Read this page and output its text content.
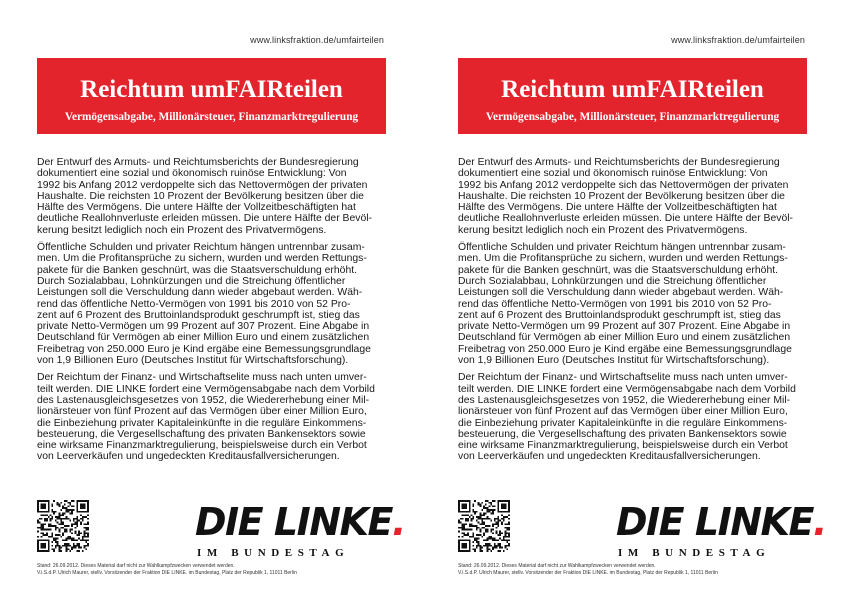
www.linksfraktion.de/umfairteilen
Reichtum umFAIRteilen
Vermögensabgabe, Millionärsteuer, Finanzmarktregulierung

Der Entwurf des Armuts- und Reichtumsberichts der Bundesregierung
dokumentiert eine sozial und ökonomisch ruinöse Entwicklung: Von
1992 bis Anfang 2012 verdoppelte sich das Nettovermögen der privaten
Haushalte. Die reichsten 10 Prozent der Bevölkerung besitzen über die
Hälfte des Vermögens. Die untere Hälfte der Vollzeitbeschäftigten hat
deutliche Reallohnverluste erleiden müssen. Die untere Hälfte der Bevöl-
kerung besitzt lediglich noch ein Prozent des Privatvermögens.

Öffentliche Schulden und privater Reichtum hängen untrennbar zusam-
men. Um die Profitansprüche zu sichern, wurden und werden Rettungs-
pakete für die Banken geschnürt, was die Staatsverschuldung erhöht.
Durch Sozialabbau, Lohnkürzungen und die Streichung öffentlicher
Leistungen soll die Verschuldung dann wieder abgebaut werden. Wäh-
rend das öffentliche Netto-Vermögen von 1991 bis 2010 von 52 Pro-
zent auf 6 Prozent des Bruttoinlandsprodukt geschrumpft ist, stieg das
private Netto-Vermögen um 99 Prozent auf 307 Prozent. Eine Abgabe in
Deutschland für Vermögen ab einer Million Euro und einem zusätzlichen
Freibetrag von 250.000 Euro je Kind ergäbe eine Bemessungsgrundlage
von 1,9 Billionen Euro (Deutsches Institut für Wirtschaftsforschung).

Der Reichtum der Finanz- und Wirtschaftselite muss nach unten umver-
teilt werden. DIE LINKE fordert eine Vermögensabgabe nach dem Vorbild
des Lastenausgleichsgesetzes von 1952, die Wiedererhebung einer Mil-
lionärsteuer von fünf Prozent auf das Vermögen über einer Million Euro,
die Einbeziehung privater Kapitaleinkünfte in die reguläre Einkommens-
besteuerung, die Vergesellschaftung des privaten Bankensektors sowie
eine wirksame Finanzmarktregulierung, beispielsweise durch ein Verbot
von Leerverkäufen und ungedeckten Kreditausfallversicherungen.

DIE LINKE.
IM BUNDESTAG
Stand: 26.09.2012. Dieses Material darf nicht zur Wahlkampfzwecken verwendet werden.
V.i.S.d.P. Ulrich Maurer, stellv. Vorsitzender der Fraktion DIE LINKE. im Bundestag, Platz der Republik 1, 11011 Berlin
www.linksfraktion.de/umfairteilen
Reichtum umFAIRteilen
Vermögensabgabe, Millionärsteuer, Finanzmarktregulierung

Der Entwurf des Armuts- und Reichtumsberichts der Bundesregierung
dokumentiert eine sozial und ökonomisch ruinöse Entwicklung: Von
1992 bis Anfang 2012 verdoppelte sich das Nettovermögen der privaten
Haushalte. Die reichsten 10 Prozent der Bevölkerung besitzen über die
Hälfte des Vermögens. Die untere Hälfte der Vollzeitbeschäftigten hat
deutliche Reallohnverluste erleiden müssen. Die untere Hälfte der Bevöl-
kerung besitzt lediglich noch ein Prozent des Privatvermögens.

Öffentliche Schulden und privater Reichtum hängen untrennbar zusam-
men. Um die Profitansprüche zu sichern, wurden und werden Rettungs-
pakete für die Banken geschnürt, was die Staatsverschuldung erhöht.
Durch Sozialabbau, Lohnkürzungen und die Streichung öffentlicher
Leistungen soll die Verschuldung dann wieder abgebaut werden. Wäh-
rend das öffentliche Netto-Vermögen von 1991 bis 2010 von 52 Pro-
zent auf 6 Prozent des Bruttoinlandsprodukt geschrumpft ist, stieg das
private Netto-Vermögen um 99 Prozent auf 307 Prozent. Eine Abgabe in
Deutschland für Vermögen ab einer Million Euro und einem zusätzlichen
Freibetrag von 250.000 Euro je Kind ergäbe eine Bemessungsgrundlage
von 1,9 Billionen Euro (Deutsches Institut für Wirtschaftsforschung).

Der Reichtum der Finanz- und Wirtschaftselite muss nach unten umver-
teilt werden. DIE LINKE fordert eine Vermögensabgabe nach dem Vorbild
des Lastenausgleichsgesetzes von 1952, die Wiedererhebung einer Mil-
lionärsteuer von fünf Prozent auf das Vermögen über einer Million Euro,
die Einbeziehung privater Kapitaleinkünfte in die reguläre Einkommens-
besteuerung, die Vergesellschaftung des privaten Bankensektors sowie
eine wirksame Finanzmarktregulierung, beispielsweise durch ein Verbot
von Leerverkäufen und ungedeckten Kreditausfallversicherungen.

DIE LINKE.
IM BUNDESTAG
Stand: 26.09.2012. Dieses Material darf nicht zur Wahlkampfzwecken verwendet werden.
V.i.S.d.P. Ulrich Maurer, stellv. Vorsitzender der Fraktion DIE LINKE. im Bundestag, Platz der Republik 1, 11011 Berlin
